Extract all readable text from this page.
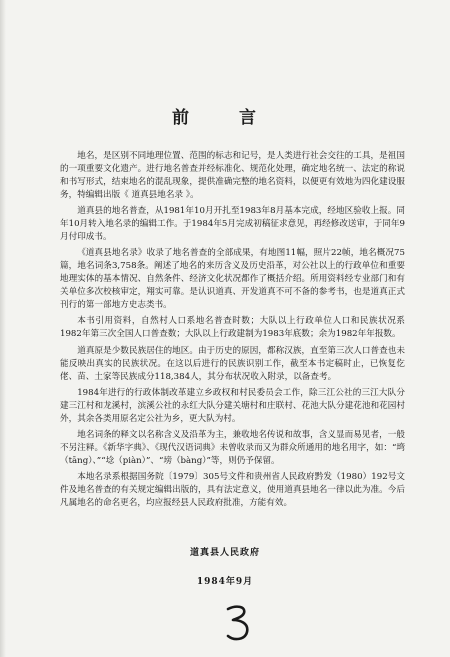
前 言

地名，是区别不同地理位置、范围的标志和记号，是人类进行社会交往的工具，是祖国的一项重要文化遗产。进行地名普查并经标准化、规范化处理，确定地名统一、法定的称说和书写形式，结束地名的混乱现象，提供准确完整的地名资料，以便更有效地为四化建设服务，特编辑出版《 道真县地名录 》。

道真县的地名普查，从1981年10月开扎至1983年8月基本完成，经地区验收上报。同年10月转入地名录的编辑工作。于1984年5月完成初稿征求意见，再经修改送审，于同年9月付印成书。

《道真县地名录》收录了地名普查的全部成果，有地图11幅，照片22帧，地名概况75篇，地名词条3,758条。阐述了地名的来历含义及历史沿革，对公社以上的行政单位和重要地理实体的基本情况、自然条件、经济文化状况都作了概括介绍。所用资料经专业部门和有关单位多次校核审定，翔实可靠。是认识道真、开发道真不可不备的参考书，也是道真正式刊行的第一部地方史志类书。

本书引用资料，自然村人口系地名普查时数；大队以上行政单位人口和民族状况系1982年第三次全国人口普查数；大队以上行政建制为1983年底数；余为1982年年报数。

道真原是少数民族居住的地区。由于历史的原因，都称汉族，直至第三次人口普查也未能反映出真实的民族状况。在这以后进行的民族识别工作，截至本书定稿时止，已恢复仡佬、苗、土家等民族成分118,384人，其分布状况收入附录，以备查考。

1984年进行的行政体制改革建立乡政权和村民委员会工作，除三江公社的三江大队分建三江村和龙溪村，滨溪公社的永红大队分建关塘村和庄联村、花池大队分建花池和花园村外，其余各类用原名定公社为乡，更大队为村。

地名词条的释文以名称含义及沿革为主，兼收地名传说和故事，含义显而易见者，一般不另注释。《新华字典》、《现代汉语词典》未曾收录而又为群众所通用的地名用字，如：“塆（tāng）、”“埝（piàn）”、“塝（bàng）”等，则仍予保留。

本地名录系根据国务院〔1979〕305号文件和贵州省人民政府黔发（1980）192号文件及地名普查的有关规定编辑出版的，具有法定意义，使用道真县地名一律以此为准。今后凡属地名的命名更名，均应报经县人民政府批准，方能有效。

道真县人民政府
1984年9月
